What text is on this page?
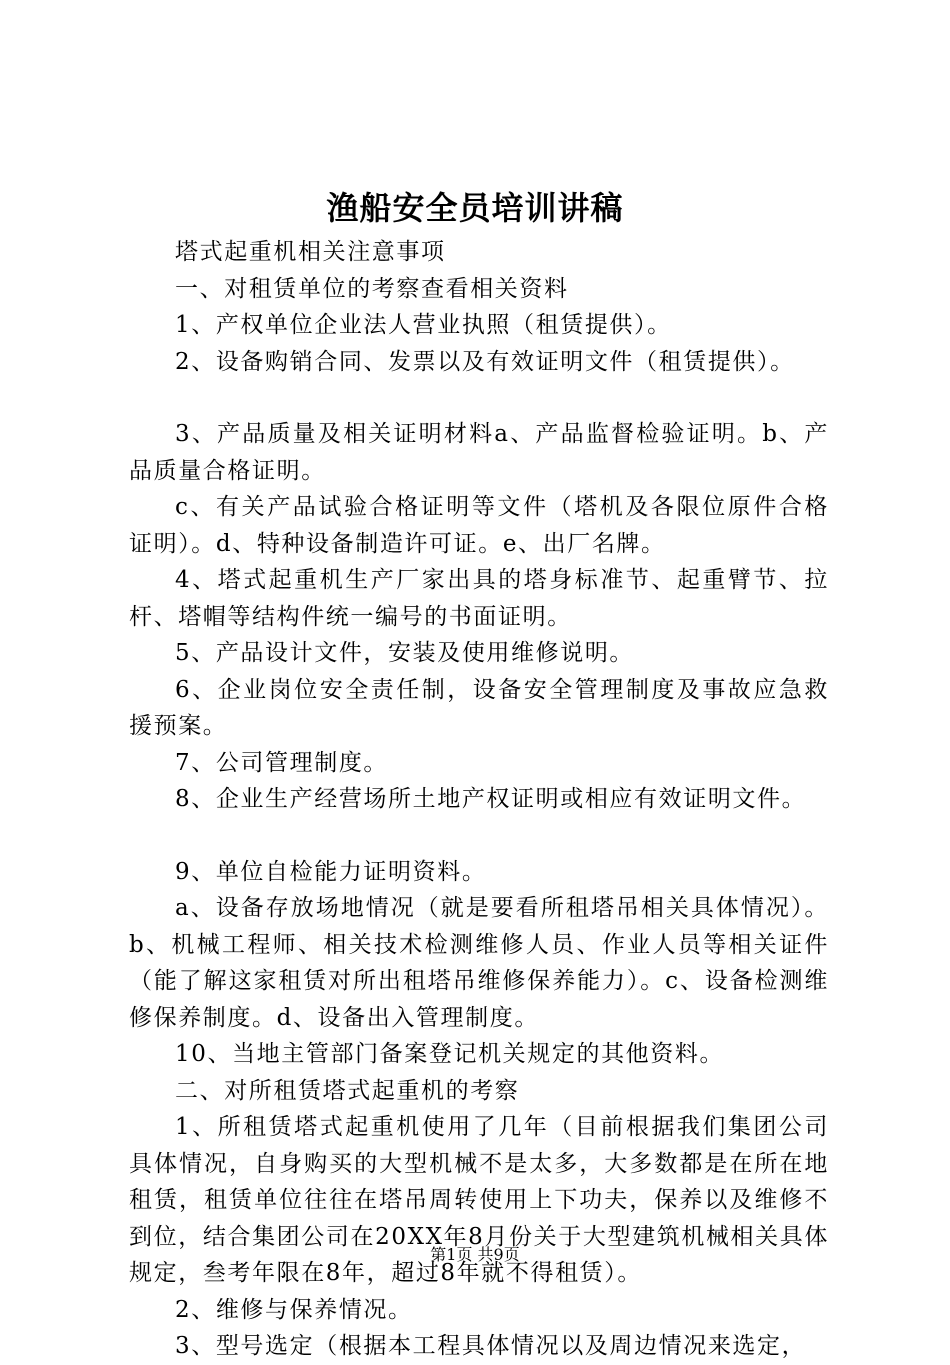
渔船安全员培训讲稿

塔式起重机相关注意事项

一、对租赁单位的考察查看相关资料

1、产权单位企业法人营业执照（租赁提供）。

2、设备购销合同、发票以及有效证明文件（租赁提供）。

3、产品质量及相关证明材料a、产品监督检验证明。b、产品质量合格证明。

c、有关产品试验合格证明等文件（塔机及各限位原件合格证明）。d、特种设备制造许可证。e、出厂名牌。

4、塔式起重机生产厂家出具的塔身标准节、起重臂节、拉杆、塔帽等结构件统一编号的书面证明。

5、产品设计文件，安装及使用维修说明。

6、企业岗位安全责任制，设备安全管理制度及事故应急救援预案。

7、公司管理制度。

8、企业生产经营场所土地产权证明或相应有效证明文件。

9、单位自检能力证明资料。

a、设备存放场地情况（就是要看所租塔吊相关具体情况）。b、机械工程师、相关技术检测维修人员、作业人员等相关证件（能了解这家租赁对所出租塔吊维修保养能力）。c、设备检测维修保养制度。d、设备出入管理制度。

10、当地主管部门备案登记机关规定的其他资料。

二、对所租赁塔式起重机的考察

1、所租赁塔式起重机使用了几年（目前根据我们集团公司具体情况，自身购买的大型机械不是太多，大多数都是在所在地租赁，租赁单位往往在塔吊周转使用上下功夫，保养以及维修不到位，结合集团公司在20XX年8月份关于大型建筑机械相关具体规定，叁考年限在8年，超过8年就不得租赁）。

2、维修与保养情况。

3、型号选定（根据本工程具体情况以及周边情况来选定，

第1页 共9页
